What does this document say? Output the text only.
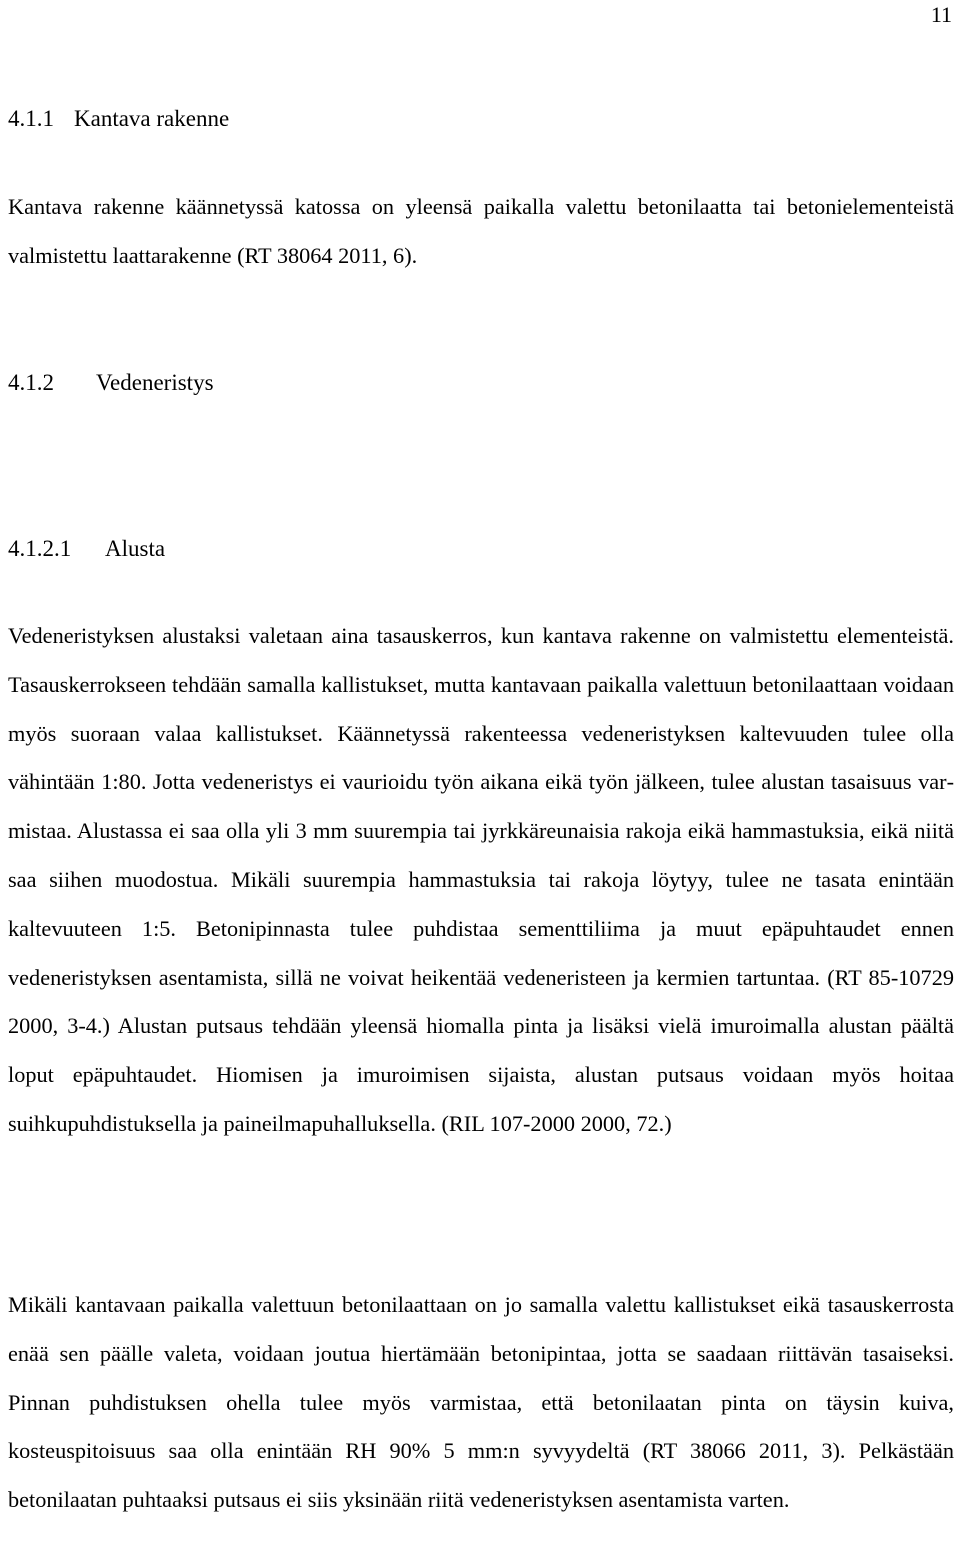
11
4.1.1 Kantava rakenne

Kantava rakenne käännetyssä katossa on yleensä paikalla valettu betonilaatta tai betonielementeistä valmistettu laattarakenne (RT 38064 2011, 6).

4.1.2 Vedeneristys
4.1.2.1 Alusta

Vedeneristyksen alustaksi valetaan aina tasauskerros, kun kantava rakenne on valmistettu elementeistä. Tasauskerrokseen tehdään samalla kallistukset, mutta kantavaan paikalla valettuun betonilaattaan voidaan myös suoraan valaa kallistukset. Käännetyssä rakenteessa vedeneristyksen kaltevuuden tulee olla vähintään 1:80. Jotta vedeneristys ei vaurioidu työn aikana eikä työn jälkeen, tulee alustan tasaisuus varmistaa. Alustassa ei saa olla yli 3 mm suurempia tai jyrkkäreunaisia rakoja eikä hammastuksia, eikä niitä saa siihen muodostua. Mikäli suurempia hammastuksia tai rakoja löytyy, tulee ne tasata enintään kaltevuuteen 1:5. Betonipinnasta tulee puhdistaa sementtiliima ja muut epäpuhtaudet ennen vedeneristyksen asentamista, sillä ne voivat heikentää vedeneristeen ja kermien tartuntaa. (RT 85-10729 2000, 3-4.) Alustan putsaus tehdään yleensä hiomalla pinta ja lisäksi vielä imuroimalla alustan päältä loput epäpuhtaudet. Hiomisen ja imuroimisen sijaista, alustan putsaus voidaan myös hoitaa suihkupuhdistuksella ja paineilmapuhalluksella. (RIL 107-2000 2000, 72.)

Mikäli kantavaan paikalla valettuun betonilaattaan on jo samalla valettu kallistukset eikä tasauskerrosta enää sen päälle valeta, voidaan joutua hiertämään betonipintaa, jotta se saadaan riittävän tasaiseksi. Pinnan puhdistuksen ohella tulee myös varmistaa, että betonilaatan pinta on täysin kuiva, kosteuspitoisuus saa olla enintään RH 90% 5 mm:n syvyydeltä (RT 38066 2011, 3). Pelkästään betonilaatan puhtaaksi putsaus ei siis yksinään riitä vedeneristyksen asentamista varten.
